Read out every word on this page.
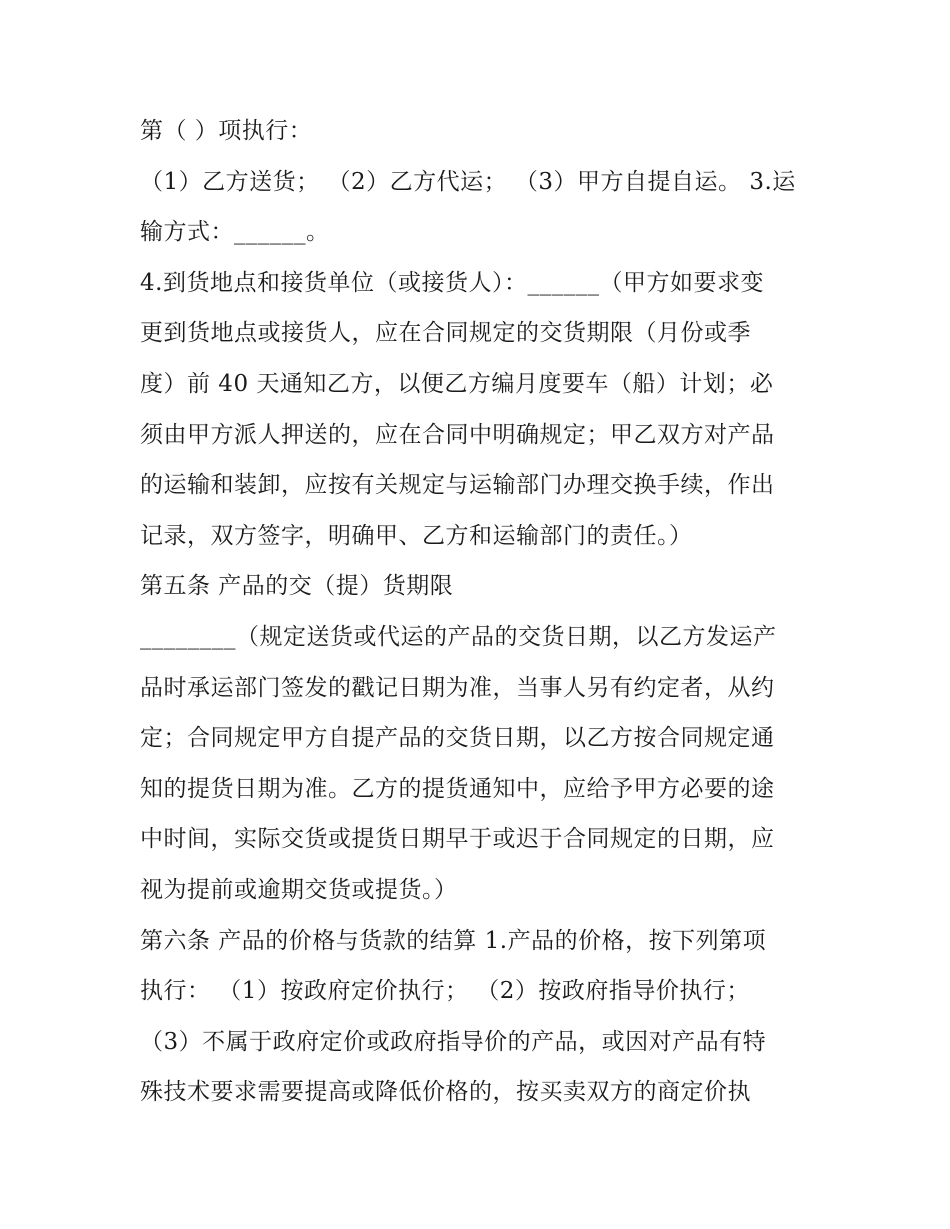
第（ ）项执行：
（1）乙方送货； （2）乙方代运； （3）甲方自提自运。 3.运
输方式：______。
4.到货地点和接货单位（或接货人）：______（甲方如要求变
更到货地点或接货人，应在合同规定的交货期限（月份或季
度）前 40 天通知乙方，以便乙方编月度要车（船）计划；必
须由甲方派人押送的，应在合同中明确规定；甲乙双方对产品
的运输和装卸，应按有关规定与运输部门办理交换手续，作出
记录，双方签字，明确甲、乙方和运输部门的责任。）
第五条 产品的交（提）货期限
________（规定送货或代运的产品的交货日期，以乙方发运产
品时承运部门签发的戳记日期为准，当事人另有约定者，从约
定；合同规定甲方自提产品的交货日期，以乙方按合同规定通
知的提货日期为准。乙方的提货通知中，应给予甲方必要的途
中时间，实际交货或提货日期早于或迟于合同规定的日期，应
视为提前或逾期交货或提货。）
第六条 产品的价格与货款的结算 1.产品的价格，按下列第项
执行： （1）按政府定价执行； （2）按政府指导价执行；
（3）不属于政府定价或政府指导价的产品，或因对产品有特
殊技术要求需要提高或降低价格的，按买卖双方的商定价执
